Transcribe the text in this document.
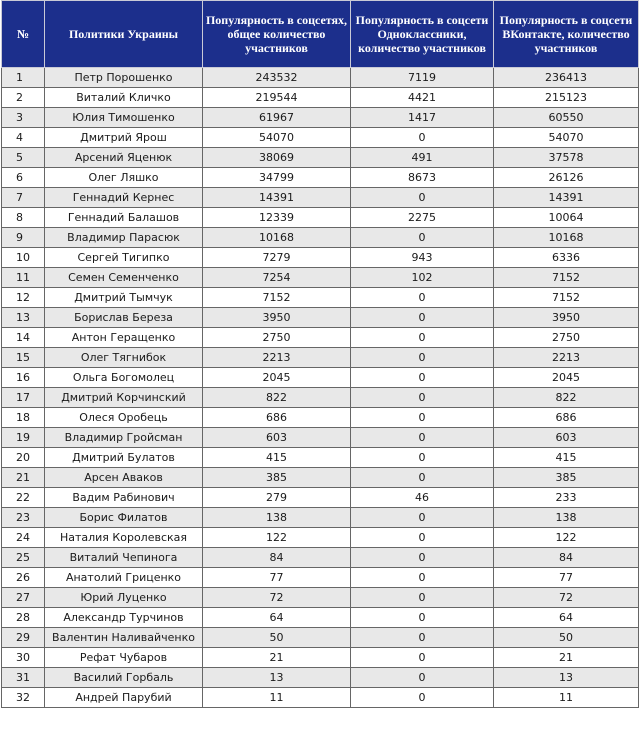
№	Политики Украины	Популярность в соцсетях, общее количество участников	Популярность в соцсети Одноклассники, количество участников	Популярность в соцсети ВКонтакте, количество участников
1	Петр Порошенко	243532	7119	236413
2	Виталий Кличко	219544	4421	215123
3	Юлия Тимошенко	61967	1417	60550
4	Дмитрий Ярош	54070	0	54070
5	Арсений Яценюк	38069	491	37578
6	Олег Ляшко	34799	8673	26126
7	Геннадий Кернес	14391	0	14391
8	Геннадий Балашов	12339	2275	10064
9	Владимир Парасюк	10168	0	10168
10	Сергей Тигипко	7279	943	6336
11	Семен Семенченко	7254	102	7152
12	Дмитрий Тымчук	7152	0	7152
13	Борислав Береза	3950	0	3950
14	Антон Геращенко	2750	0	2750
15	Олег Тягнибок	2213	0	2213
16	Ольга Богомолец	2045	0	2045
17	Дмитрий Корчинский	822	0	822
18	Олеся Оробець	686	0	686
19	Владимир Гройсман	603	0	603
20	Дмитрий Булатов	415	0	415
21	Арсен Аваков	385	0	385
22	Вадим Рабинович	279	46	233
23	Борис Филатов	138	0	138
24	Наталия Королевская	122	0	122
25	Виталий Чепинога	84	0	84
26	Анатолий Гриценко	77	0	77
27	Юрий Луценко	72	0	72
28	Александр Турчинов	64	0	64
29	Валентин Наливайченко	50	0	50
30	Рефат Чубаров	21	0	21
31	Василий Горбаль	13	0	13
32	Андрей Парубий	11	0	11
